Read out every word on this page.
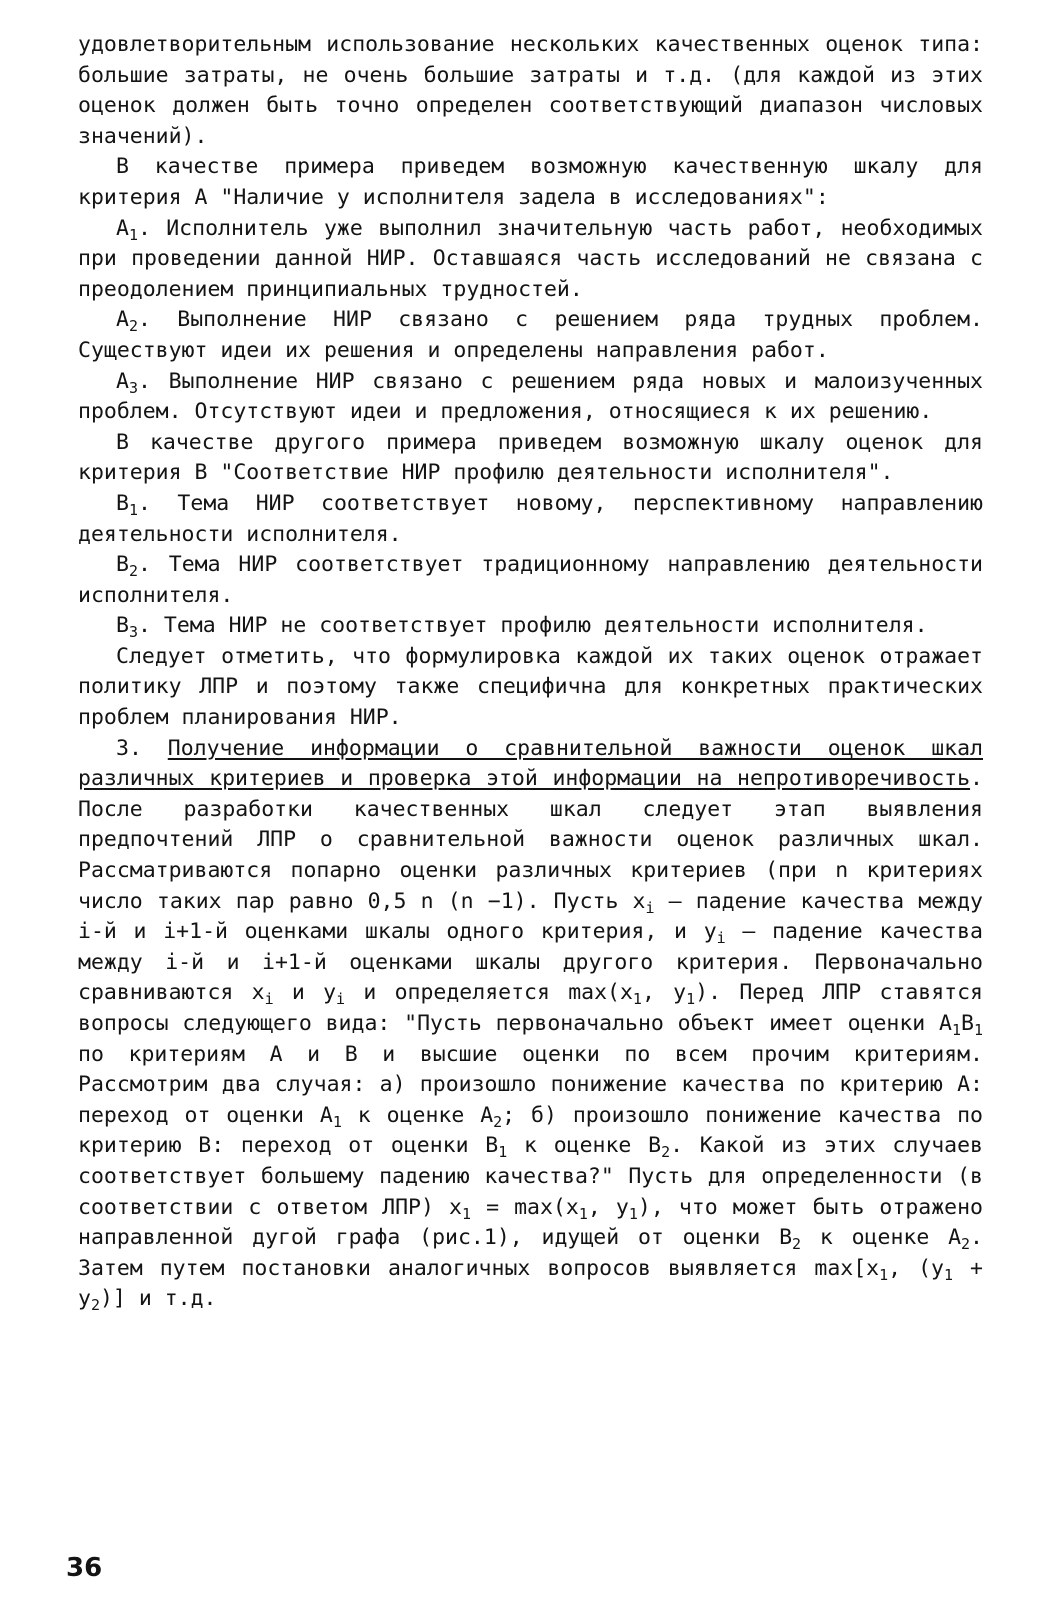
удовлетворительным использование нескольких качественных оценок типа: большие затраты, не очень большие затраты и т.д. (для каждой из этих оценок должен быть точно определен соответствующий диапазон числовых значений).

В качестве примера приведем возможную качественную шкалу для критерия А "Наличие у исполнителя задела в исследованиях":

$А_1$. Исполнитель уже выполнил значительную часть работ, необходимых при проведении данной НИР. Оставшаяся часть исследований не связана с преодолением принципиальных трудностей.

$А_2$. Выполнение НИР связано с решением ряда трудных проблем. Существуют идеи их решения и определены направления работ.

$А_3$. Выполнение НИР связано с решением ряда новых и малоизученных проблем. Отсутствуют идеи и предложения, относящиеся к их решению.

В качестве другого примера приведем возможную шкалу оценок для критерия В "Соответствие НИР профилю деятельности исполнителя".

$В_1$. Тема НИР соответствует новому, перспективному направлению деятельности исполнителя.

$В_2$. Тема НИР соответствует традиционному направлению деятельности исполнителя.

$В_3$. Тема НИР не соответствует профилю деятельности исполнителя.

Следует отметить, что формулировка каждой их таких оценок отражает политику ЛПР и поэтому также специфична для конкретных практических проблем планирования НИР.

3. Получение информации о сравнительной важности оценок шкал различных критериев и проверка этой информации на непротиворечивость. После разработки качественных шкал следует этап выявления предпочтений ЛПР о сравнительной важности оценок различных шкал. Рассматриваются попарно оценки различных критериев (при n критериях число таких пар равно 0,5 n (n −1). Пусть $x_i$ – падение качества между i-й и i+1-й оценками шкалы одного критерия, и $y_i$ – падение качества между i-й и i+1-й оценками шкалы другого критерия. Первоначально сравниваются $x_i$ и $y_i$ и определяется $\max(x_1$, $y_1$). Перед ЛПР ставятся вопросы следующего вида: "Пусть первоначально объект имеет оценки $А_1В_1$ по критериям А и В и высшие оценки по всем прочим критериям. Рассмотрим два случая: а) произошло понижение качества по критерию А: переход от оценки $А_1$ к оценке $А_2$; б) произошло понижение качества по критерию В: переход от оценки $В_1$ к оценке $В_2$. Какой из этих случаев соответствует большему падению качества?" Пусть для определенности (в соответствии с ответом ЛПР) $x_1 = \max(x_1$, $y_1$), что может быть отражено направленной дугой графа (рис.1), идущей от оценки $В_2$ к оценке $А_2$. Затем путем постановки аналогичных вопросов выявляется $\max[x_1$, $(y_1 + y_2)$] и т.д.

36
